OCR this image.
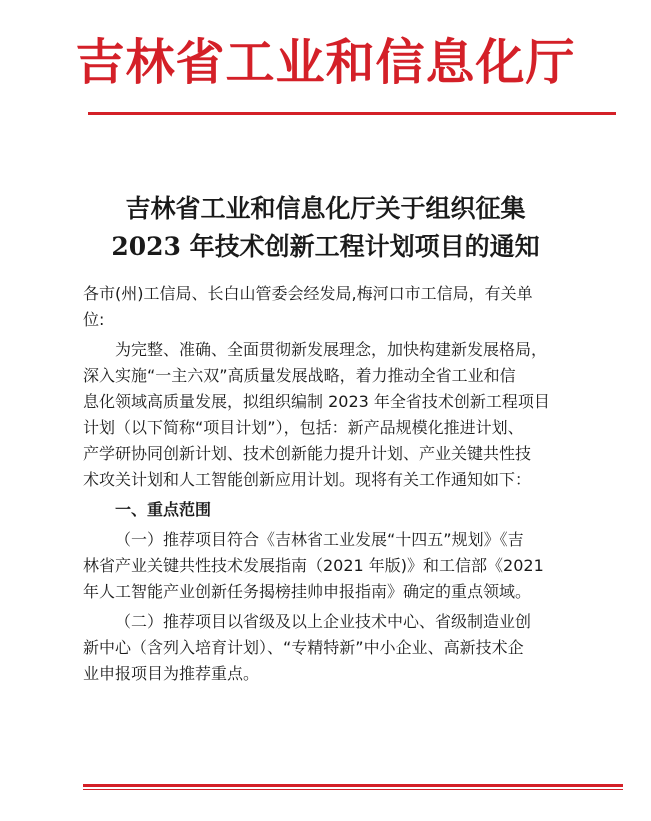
吉林省工业和信息化厅
吉林省工业和信息化厅关于组织征集
2023 年技术创新工程计划项目的通知
各市(州)工信局、长白山管委会经发局,梅河口市工信局，有关单
位:
为完整、准确、全面贯彻新发展理念，加快构建新发展格局，
深入实施“一主六双”高质量发展战略，着力推动全省工业和信
息化领域高质量发展，拟组织编制 2023 年全省技术创新工程项目
计划（以下简称“项目计划”），包括：新产品规模化推进计划、
产学研协同创新计划、技术创新能力提升计划、产业关键共性技
术攻关计划和人工智能创新应用计划。现将有关工作通知如下：
一、重点范围
（一）推荐项目符合《吉林省工业发展“十四五”规划》《吉
林省产业关键共性技术发展指南（2021 年版)》和工信部《2021
年人工智能产业创新任务揭榜挂帅申报指南》确定的重点领域。
（二）推荐项目以省级及以上企业技术中心、省级制造业创
新中心（含列入培育计划）、“专精特新”中小企业、高新技术企
业申报项目为推荐重点。
